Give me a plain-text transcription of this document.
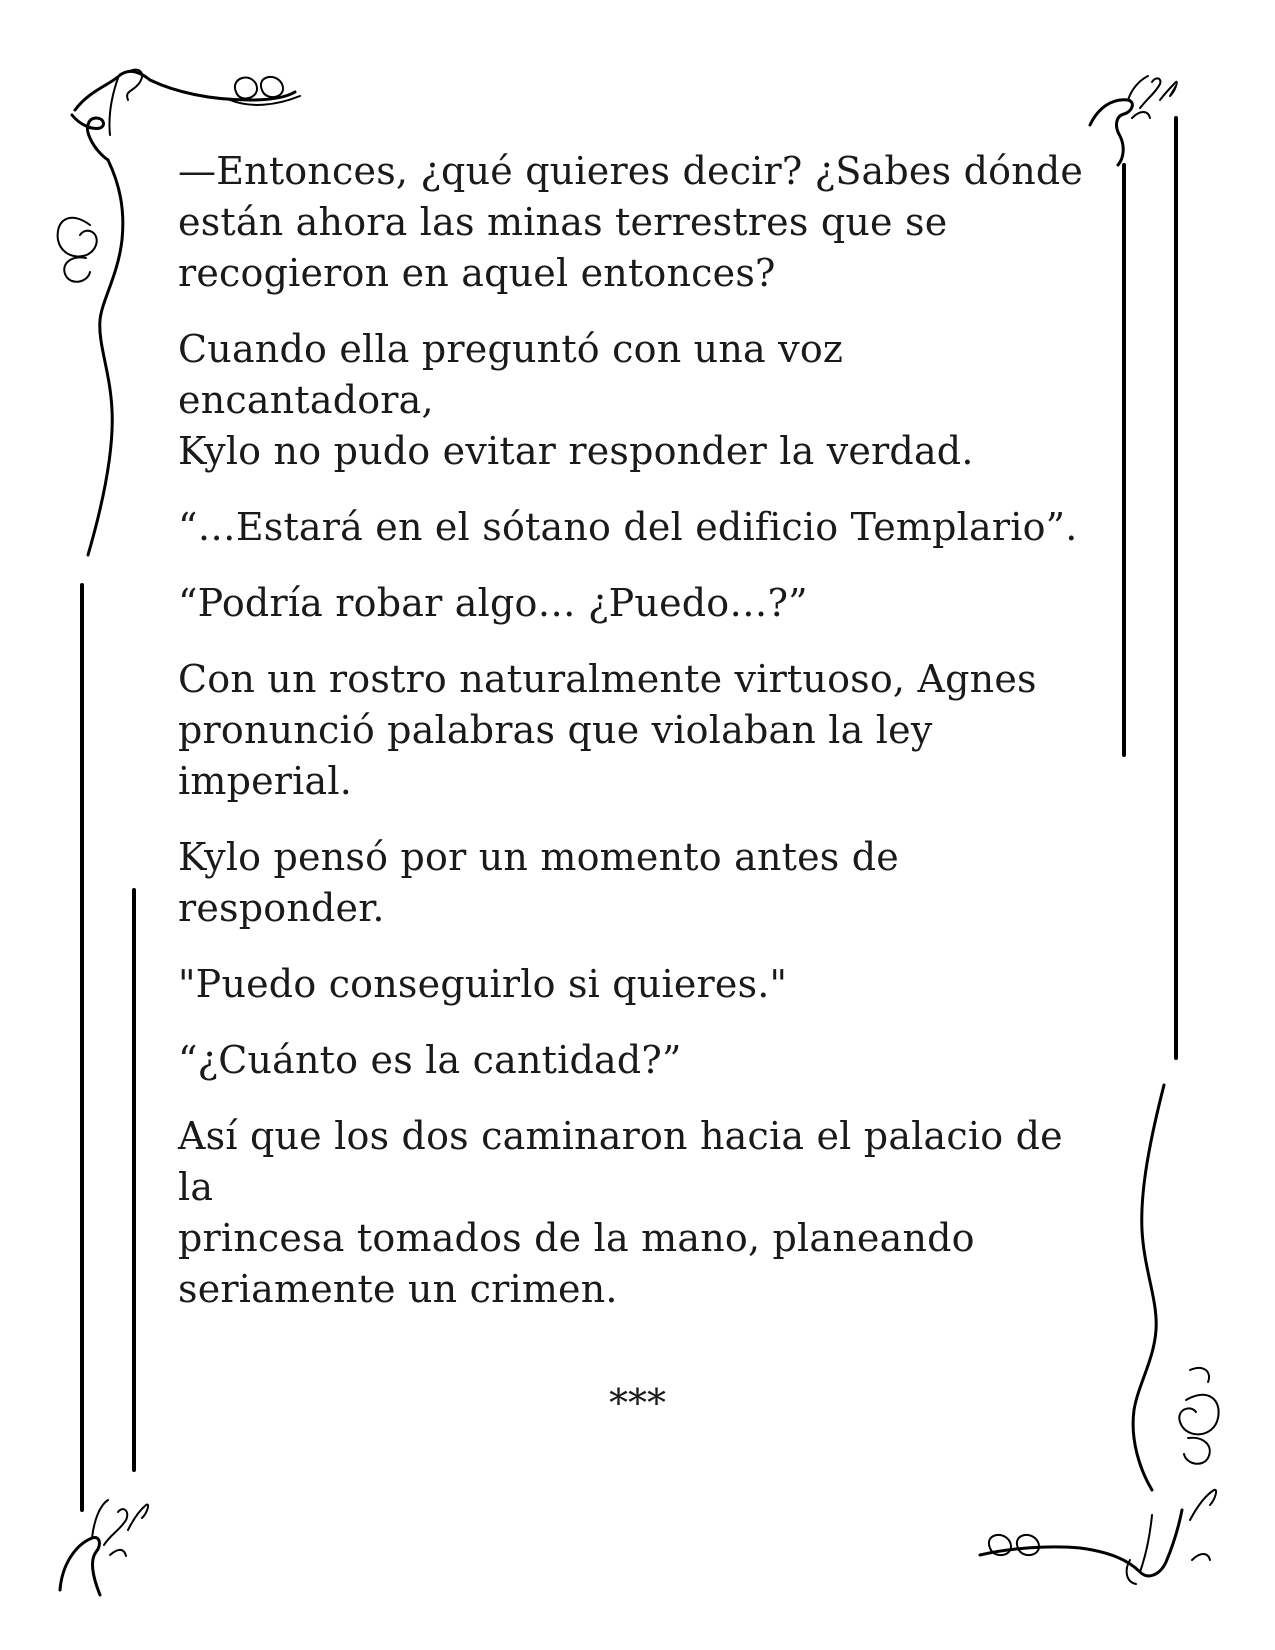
—Entonces, ¿qué quieres decir? ¿Sabes dónde
están ahora las minas terrestres que se
recogieron en aquel entonces?

Cuando ella preguntó con una voz encantadora,
Kylo no pudo evitar responder la verdad.

“…Estará en el sótano del edificio Templario”.

“Podría robar algo… ¿Puedo…?”

Con un rostro naturalmente virtuoso, Agnes
pronunció palabras que violaban la ley
imperial.

Kylo pensó por un momento antes de
responder.

"Puedo conseguirlo si quieres."

“¿Cuánto es la cantidad?”

Así que los dos caminaron hacia el palacio de la
princesa tomados de la mano, planeando
seriamente un crimen.

***
